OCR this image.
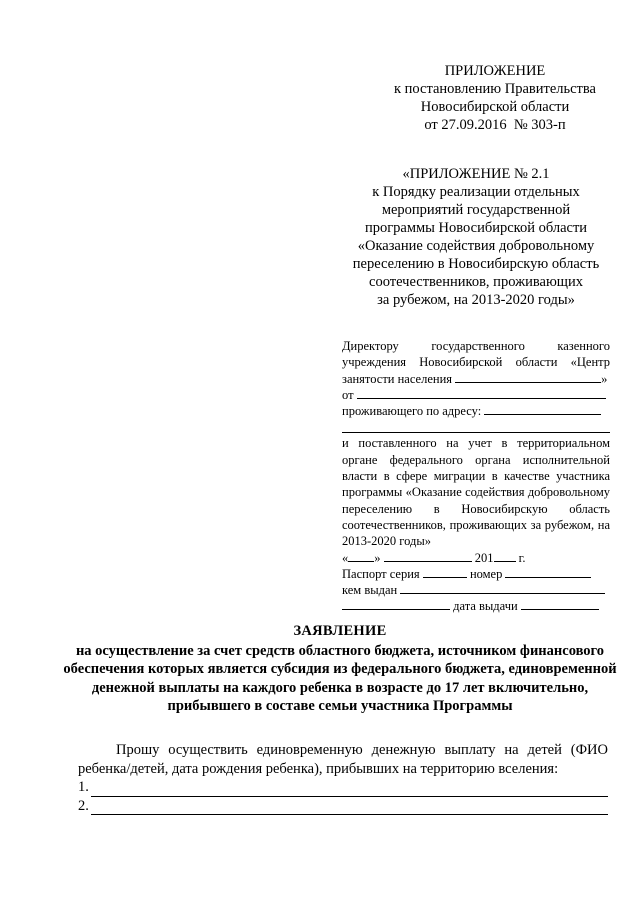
ПРИЛОЖЕНИЕ
к постановлению Правительства
Новосибирской области
от 27.09.2016  № 303-п
«ПРИЛОЖЕНИЕ № 2.1
к Порядку реализации отдельных
мероприятий государственной
программы Новосибирской области
«Оказание содействия добровольному
переселению в Новосибирскую область
соотечественников, проживающих
за рубежом, на 2013-2020 годы»
Директору государственного казенного
учреждения Новосибирской области «Центр
занятости населения	»
от
проживающего по адресу:
и поставленного на учет в территориальном органе федерального органа исполнительной власти в сфере миграции в качестве участника программы «Оказание содействия добровольному переселению в Новосибирскую область соотечественников, проживающих за рубежом, на 2013-2020 годы»
« »	201 г.
Паспорт серия	номер
кем выдан
дата выдачи
ЗАЯВЛЕНИЕ
на осуществление за счет средств областного бюджета, источником финансового обеспечения которых является субсидия из федерального бюджета, единовременной денежной выплаты на каждого ребенка в возрасте до 17 лет включительно, прибывшего в составе семьи участника Программы
Прошу осуществить единовременную денежную выплату на детей (ФИО ребенка/детей, дата рождения ребенка), прибывших на территорию вселения:
1.
2.
